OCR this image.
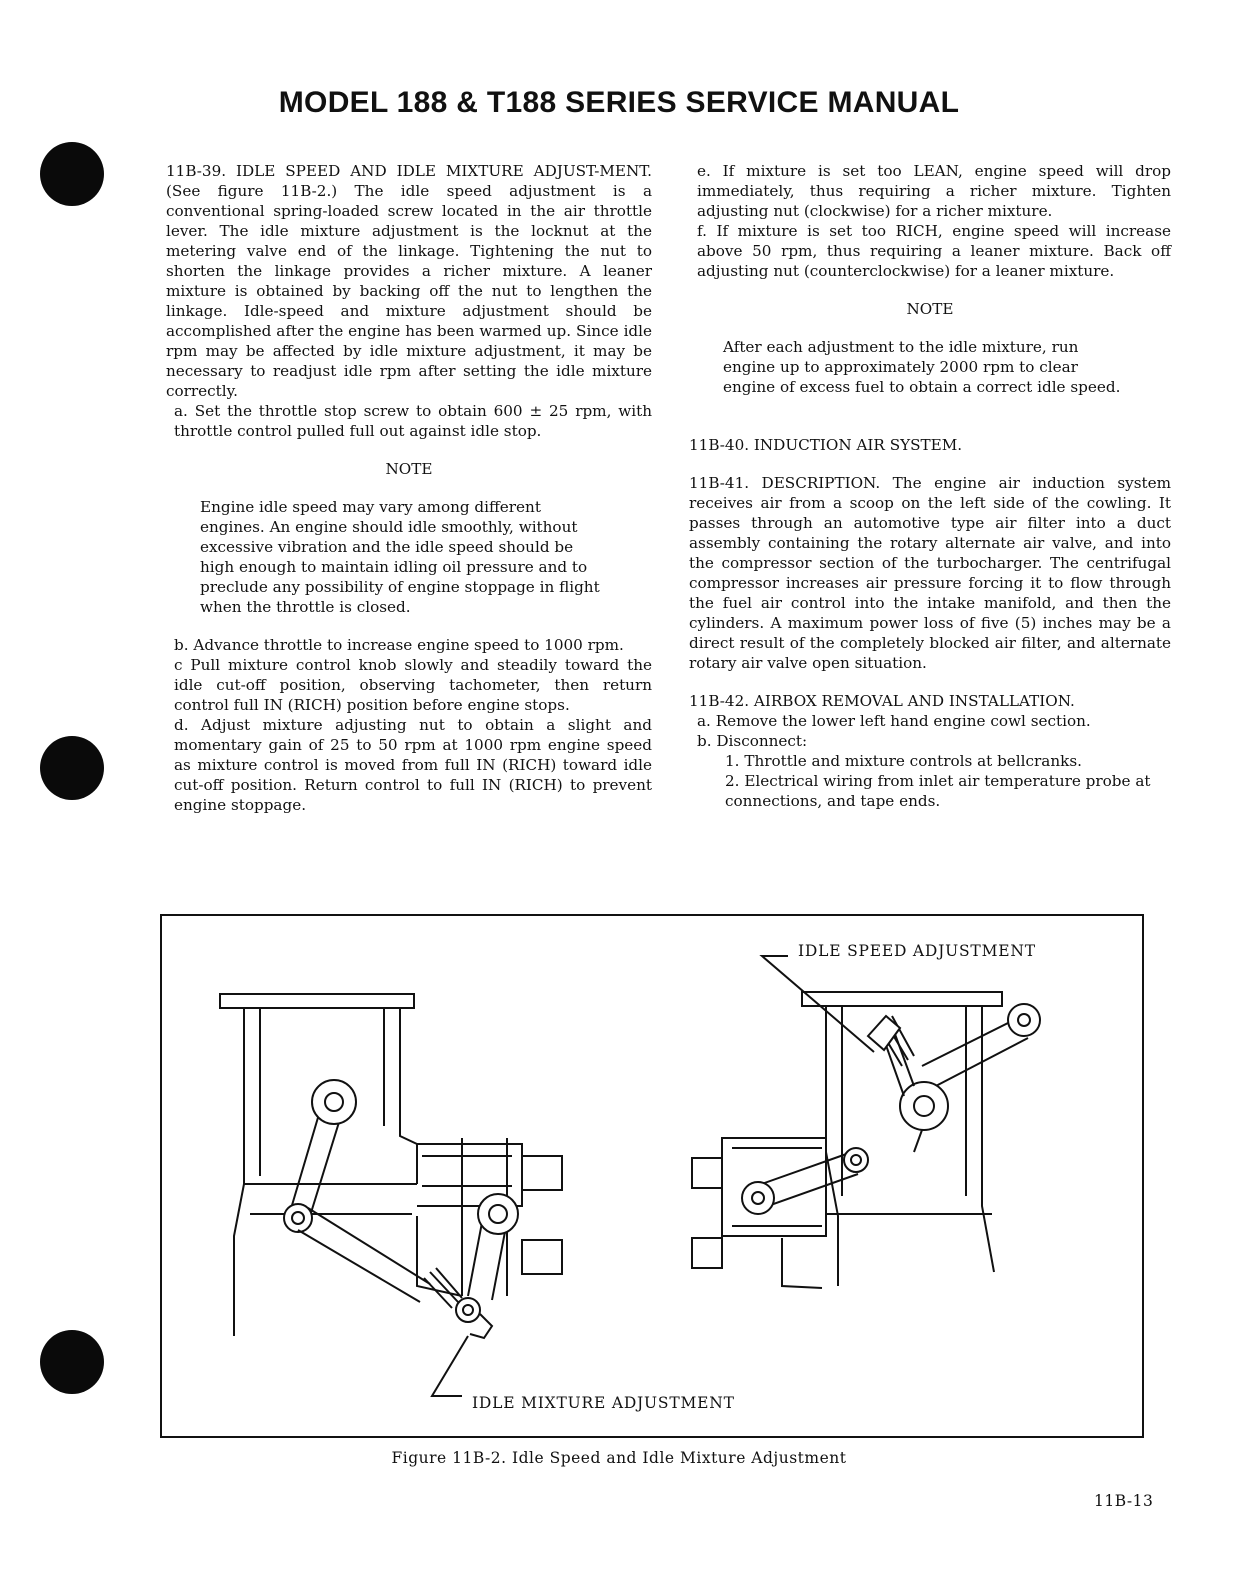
MODEL 188 & T188 SERIES SERVICE MANUAL

11B-39. IDLE SPEED AND IDLE MIXTURE ADJUST-MENT. (See figure 11B-2.) The idle speed adjustment is a conventional spring-loaded screw located in the air throttle lever. The idle mixture adjustment is the locknut at the metering valve end of the linkage. Tightening the nut to shorten the linkage provides a richer mixture. A leaner mixture is obtained by backing off the nut to lengthen the linkage. Idle-speed and mixture adjustment should be accomplished after the engine has been warmed up. Since idle rpm may be affected by idle mixture adjustment, it may be necessary to readjust idle rpm after setting the idle mixture correctly.

a. Set the throttle stop screw to obtain 600 ± 25 rpm, with throttle control pulled full out against idle stop.

NOTE

Engine idle speed may vary among different engines. An engine should idle smoothly, without excessive vibration and the idle speed should be high enough to maintain idling oil pressure and to preclude any possibility of engine stoppage in flight when the throttle is closed.

b. Advance throttle to increase engine speed to 1000 rpm.

c Pull mixture control knob slowly and steadily toward the idle cut-off position, observing tachometer, then return control full IN (RICH) position before engine stops.

d. Adjust mixture adjusting nut to obtain a slight and momentary gain of 25 to 50 rpm at 1000 rpm engine speed as mixture control is moved from full IN (RICH) toward idle cut-off position. Return control to full IN (RICH) to prevent engine stoppage.

e. If mixture is set too LEAN, engine speed will drop immediately, thus requiring a richer mixture. Tighten adjusting nut (clockwise) for a richer mixture.

f. If mixture is set too RICH, engine speed will increase above 50 rpm, thus requiring a leaner mixture. Back off adjusting nut (counterclockwise) for a leaner mixture.

NOTE

After each adjustment to the idle mixture, run engine up to approximately 2000 rpm to clear engine of excess fuel to obtain a correct idle speed.

11B-40. INDUCTION AIR SYSTEM.

11B-41. DESCRIPTION. The engine air induction system receives air from a scoop on the left side of the cowling. It passes through an automotive type air filter into a duct assembly containing the rotary alternate air valve, and into the compressor section of the turbocharger. The centrifugal compressor increases air pressure forcing it to flow through the fuel air control into the intake manifold, and then the cylinders. A maximum power loss of five (5) inches may be a direct result of the completely blocked air filter, and alternate rotary air valve open situation.

11B-42. AIRBOX REMOVAL AND INSTALLATION.

a. Remove the lower left hand engine cowl section.

b. Disconnect:

1. Throttle and mixture controls at bellcranks.

2. Electrical wiring from inlet air temperature probe at connections, and tape ends.

IDLE SPEED ADJUSTMENT
IDLE MIXTURE ADJUSTMENT
Figure 11B-2. Idle Speed and Idle Mixture Adjustment
11B-13
